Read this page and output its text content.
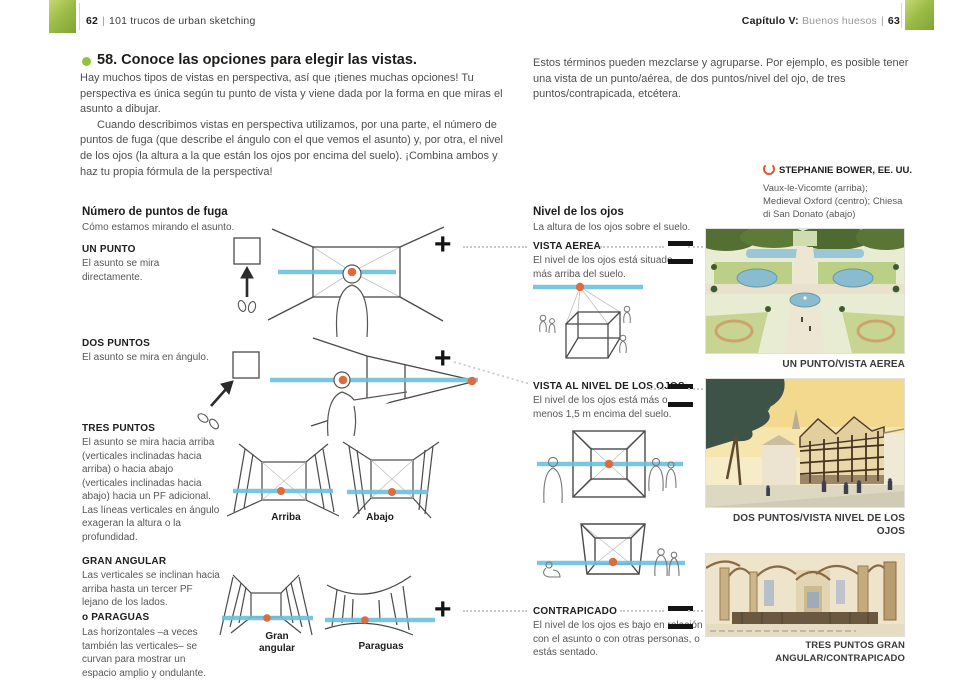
62 | 101 trucos de urban sketching	Capítulo V: Buenos huesos | 63
58. Conoce las opciones para elegir las vistas.

Hay muchos tipos de vistas en perspectiva, así que ¡tienes muchas opciones! Tu perspectiva es única según tu punto de vista y viene dada por la forma en que miras el asunto a dibujar.

Cuando describimos vistas en perspectiva utilizamos, por una parte, el número de puntos de fuga (que describe el ángulo con el que vemos el asunto) y, por otra, el nivel de los ojos (la altura a la que están los ojos por encima del suelo). ¡Combina ambos y haz tu propia fórmula de la perspectiva!

Estos términos pueden mezclarse y agruparse. Por ejemplo, es posible tener una vista de un punto/aérea, de dos puntos/nivel del ojo, de tres puntos/contrapicada, etcétera.

STEPHANIE BOWER, EE. UU.
Vaux-le-Vicomte (arriba); Medieval Oxford (centro); Chiesa di San Donato (abajo)
Número de puntos de fuga
Cómo estamos mirando el asunto.
UN PUNTO
El asunto se mira directamente.
DOS PUNTOS
El asunto se mira en ángulo.
TRES PUNTOS
El asunto se mira hacia arriba (verticales inclinadas hacia arriba) o hacia abajo (verticales inclinadas hacia abajo) hacia un PF adicional. Las líneas verticales en ángulo exageran la altura o la profundidad.
GRAN ANGULAR
Las verticales se inclinan hacia arriba hasta un tercer PF lejano de los lados.
o PARAGUAS
Las horizontales –a veces también las verticales– se curvan para mostrar un espacio amplio y ondulante.
+
+
Arriba	Abajo
Gran angular	Paraguas
+
Nivel de los ojos
La altura de los ojos sobre el suelo.
VISTA AEREA
El nivel de los ojos está situado más arriba del suelo.
VISTA AL NIVEL DE LOS OJOS
El nivel de los ojos está más o menos 1,5 m encima del suelo.
CONTRAPICADO
El nivel de los ojos es bajo en relación con el asunto o con otras personas, o estás sentado.
UN PUNTO/VISTA AEREA
DOS PUNTOS/VISTA NIVEL DE LOS OJOS
TRES PUNTOS GRAN ANGULAR/CONTRAPICADO
